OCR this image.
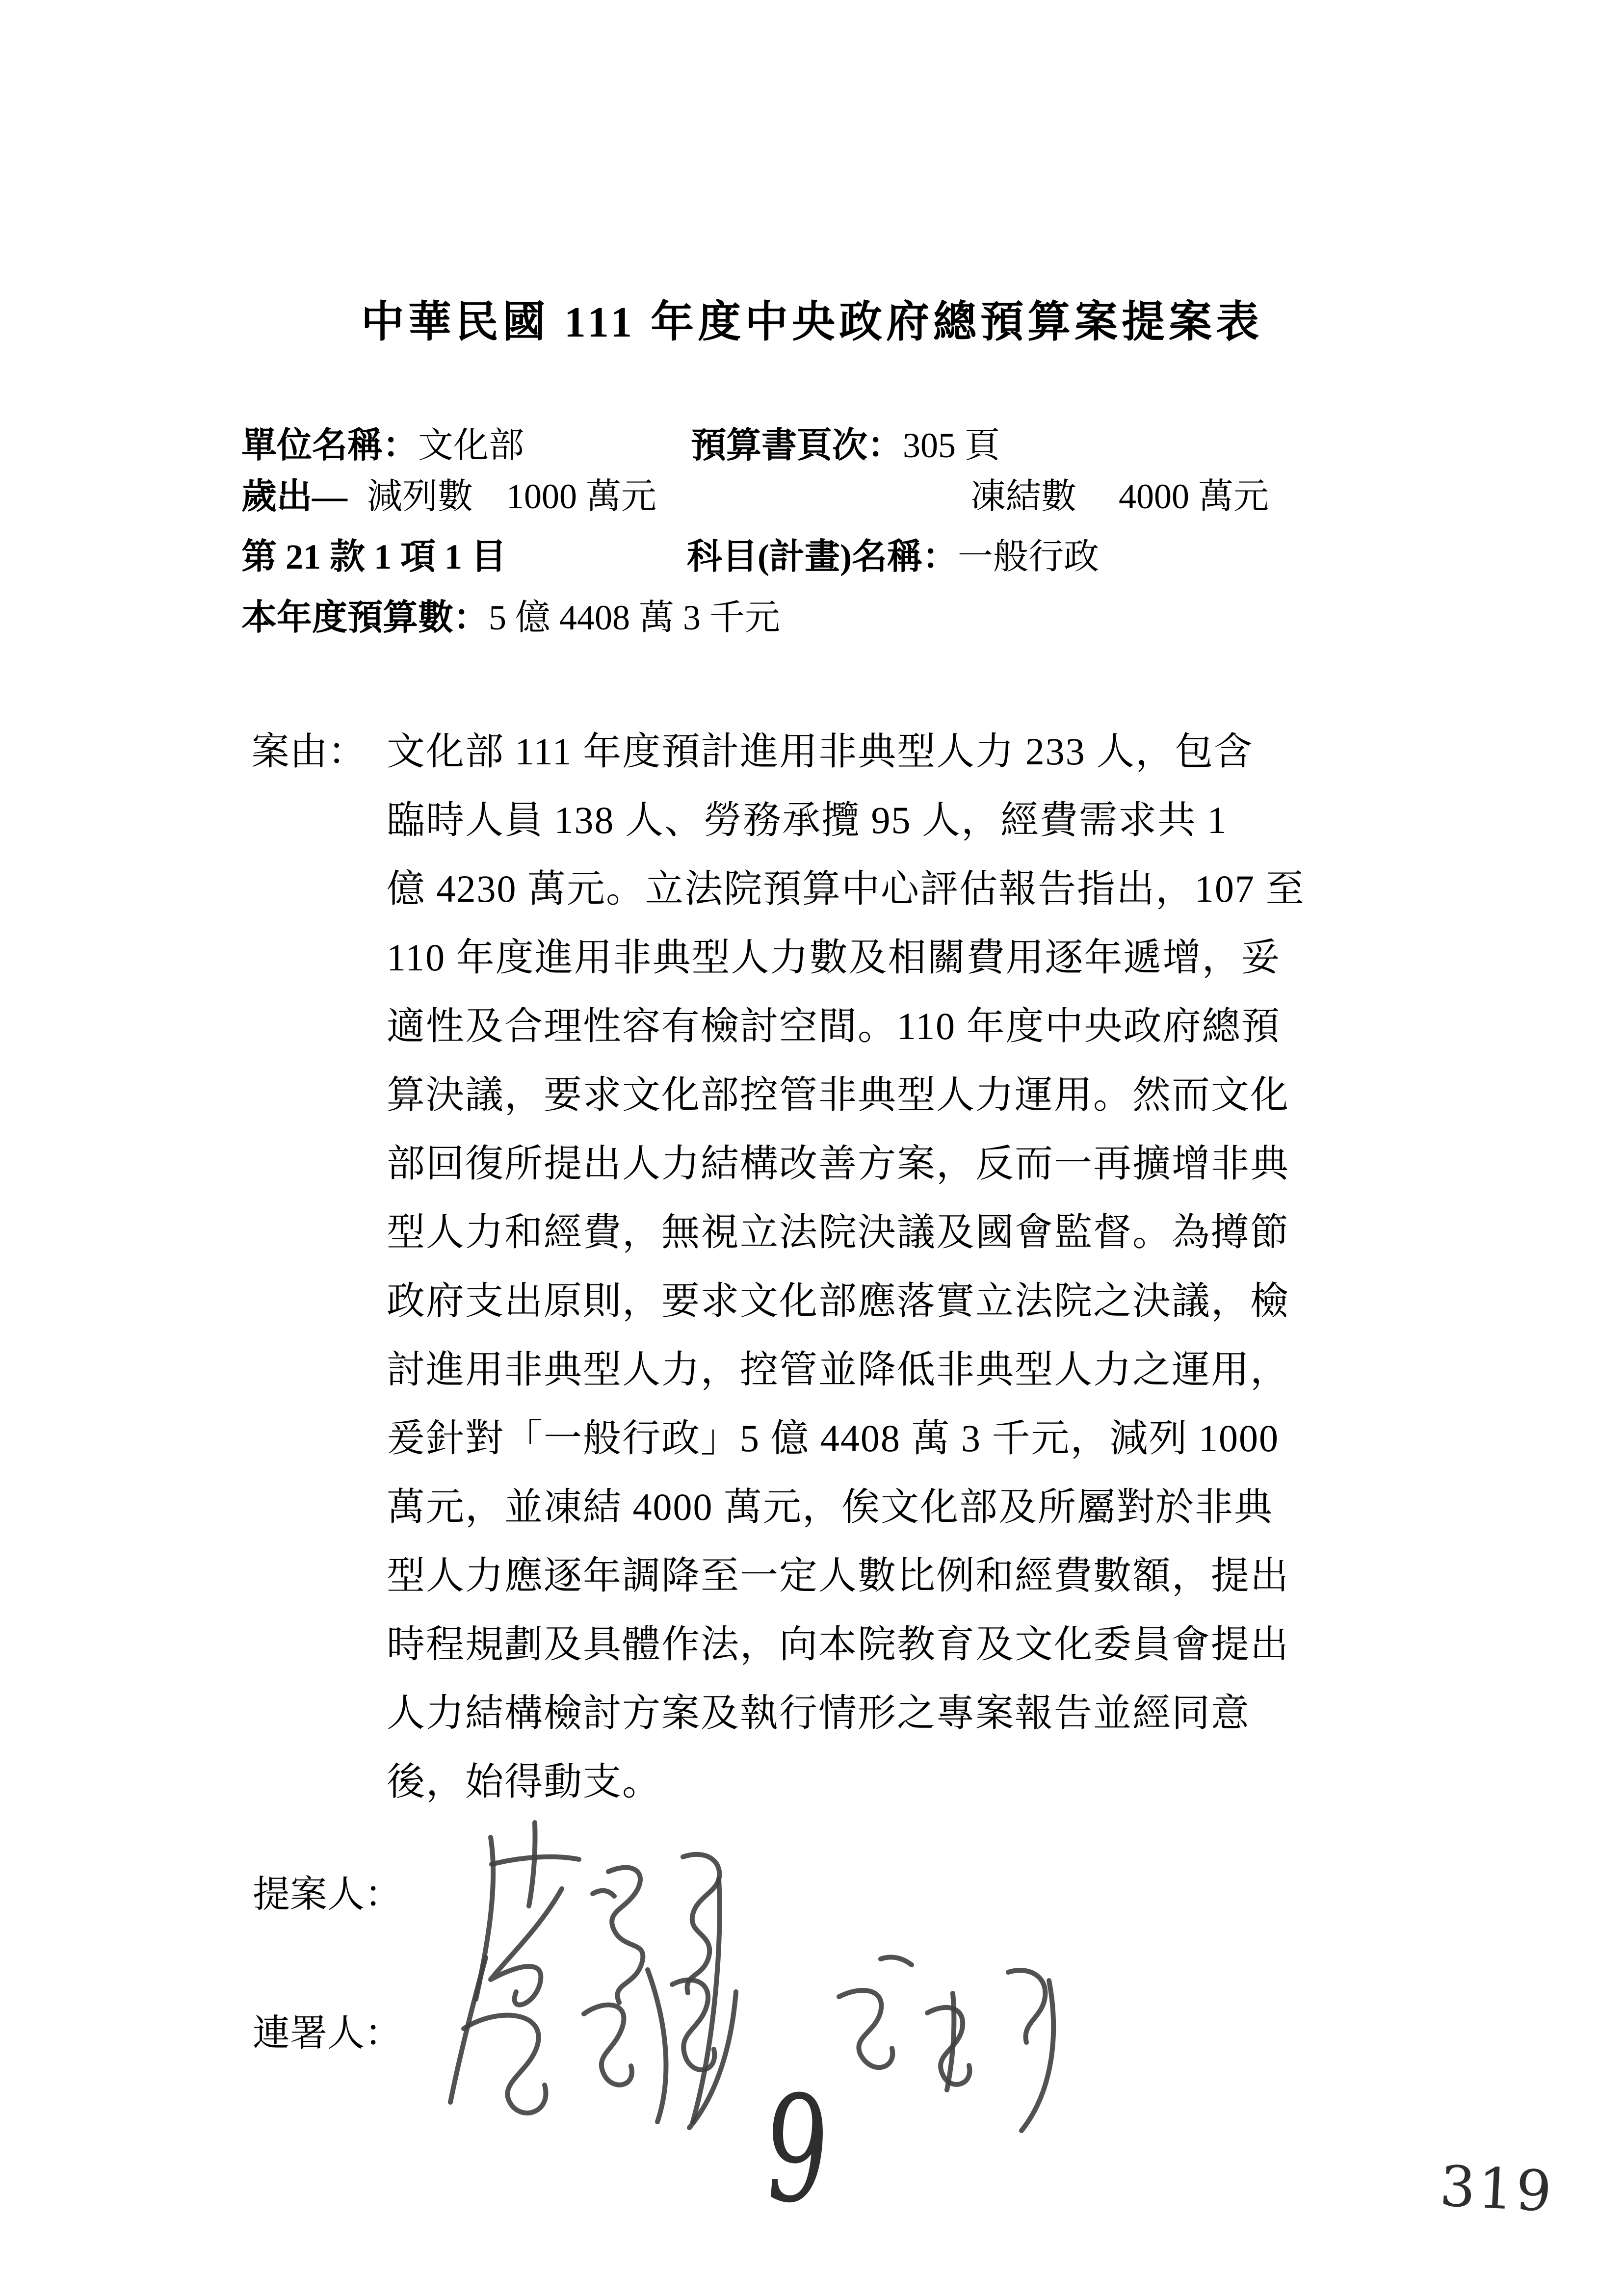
中華民國 111 年度中央政府總預算案提案表
單位名稱：文化部	預算書頁次：305 頁
歲出— 減列數 1000 萬元	凍結數 4000 萬元
第 21 款 1 項 1 目	科目(計畫)名稱：一般行政
本年度預算數：5 億 4408 萬 3 千元
案由： 文化部 111 年度預計進用非典型人力 233 人，包含
臨時人員 138 人、勞務承攬 95 人，經費需求共 1
億 4230 萬元。立法院預算中心評估報告指出，107 至
110 年度進用非典型人力數及相關費用逐年遞增，妥
適性及合理性容有檢討空間。110 年度中央政府總預
算決議，要求文化部控管非典型人力運用。然而文化
部回復所提出人力結構改善方案，反而一再擴增非典
型人力和經費，無視立法院決議及國會監督。為撙節
政府支出原則，要求文化部應落實立法院之決議，檢
討進用非典型人力，控管並降低非典型人力之運用，
爰針對「一般行政」5 億 4408 萬 3 千元，減列 1000
萬元，並凍結 4000 萬元，俟文化部及所屬對於非典
型人力應逐年調降至一定人數比例和經費數額，提出
時程規劃及具體作法，向本院教育及文化委員會提出
人力結構檢討方案及執行情形之專案報告並經同意
後，始得動支。
提案人：
連署人：
9	319
